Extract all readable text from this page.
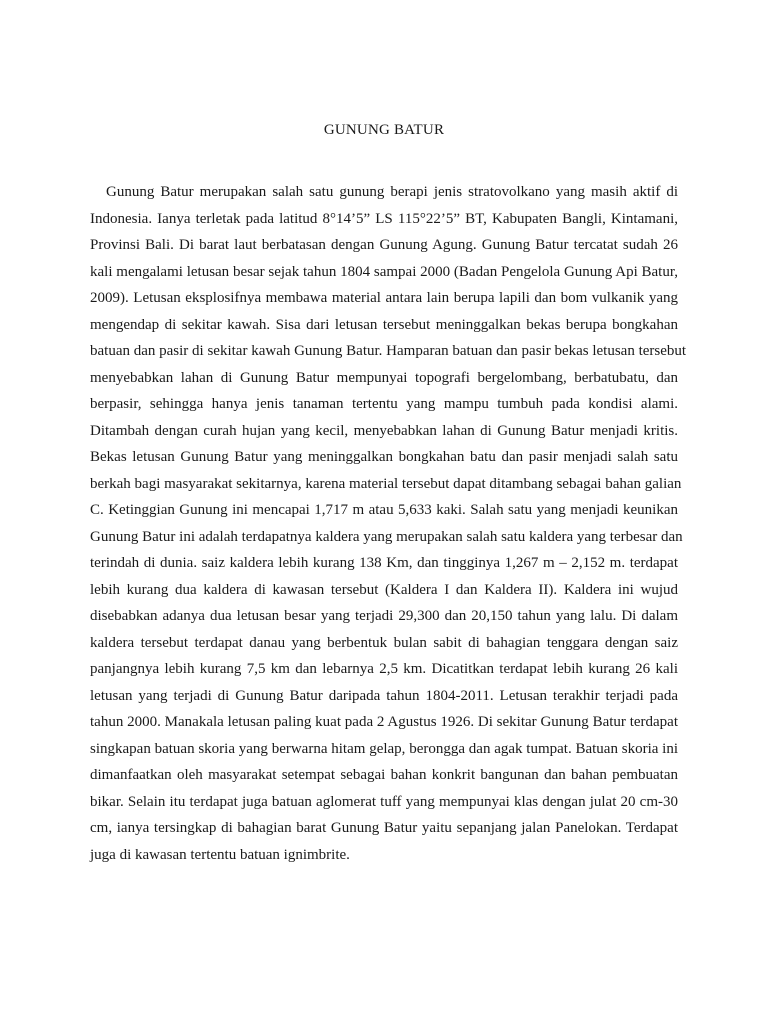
GUNUNG BATUR
Gunung Batur merupakan salah satu gunung berapi jenis stratovolkano yang masih aktif di
Indonesia. Ianya terletak pada latitud 8°14’5” LS 115°22’5” BT, Kabupaten Bangli, Kintamani,
Provinsi Bali. Di barat laut berbatasan dengan Gunung Agung. Gunung Batur tercatat sudah 26
kali mengalami letusan besar sejak tahun 1804 sampai 2000 (Badan Pengelola Gunung Api Batur,
2009). Letusan eksplosifnya membawa material antara lain berupa lapili dan bom vulkanik yang
mengendap di sekitar kawah. Sisa dari letusan tersebut meninggalkan bekas berupa bongkahan
batuan dan pasir di sekitar kawah Gunung Batur. Hamparan batuan dan pasir bekas letusan tersebut
menyebabkan lahan di Gunung Batur mempunyai topografi bergelombang, berbatubatu, dan
berpasir, sehingga hanya jenis tanaman tertentu yang mampu tumbuh pada kondisi alami.
Ditambah dengan curah hujan yang kecil, menyebabkan lahan di Gunung Batur menjadi kritis.
Bekas letusan Gunung Batur yang meninggalkan bongkahan batu dan pasir menjadi salah satu
berkah bagi masyarakat sekitarnya, karena material tersebut dapat ditambang sebagai bahan galian
C. Ketinggian Gunung ini mencapai 1,717 m atau 5,633 kaki. Salah satu yang menjadi keunikan
Gunung Batur ini adalah terdapatnya kaldera yang merupakan salah satu kaldera yang terbesar dan
terindah di dunia. saiz kaldera lebih kurang 138 Km, dan tingginya 1,267 m – 2,152 m. terdapat
lebih kurang dua kaldera di kawasan tersebut (Kaldera I dan Kaldera II). Kaldera ini wujud
disebabkan adanya dua letusan besar yang terjadi 29,300 dan 20,150 tahun yang lalu. Di dalam
kaldera tersebut terdapat danau yang berbentuk bulan sabit di bahagian tenggara dengan saiz
panjangnya lebih kurang 7,5 km dan lebarnya 2,5 km. Dicatitkan terdapat lebih kurang 26 kali
letusan yang terjadi di Gunung Batur daripada tahun 1804-2011. Letusan terakhir terjadi pada
tahun 2000. Manakala letusan paling kuat pada 2 Agustus 1926. Di sekitar Gunung Batur terdapat
singkapan batuan skoria yang berwarna hitam gelap, berongga dan agak tumpat. Batuan skoria ini
dimanfaatkan oleh masyarakat setempat sebagai bahan konkrit bangunan dan bahan pembuatan
bikar. Selain itu terdapat juga batuan aglomerat tuff yang mempunyai klas dengan julat 20 cm-30
cm, ianya tersingkap di bahagian barat Gunung Batur yaitu sepanjang jalan Panelokan. Terdapat
juga di kawasan tertentu batuan ignimbrite.
